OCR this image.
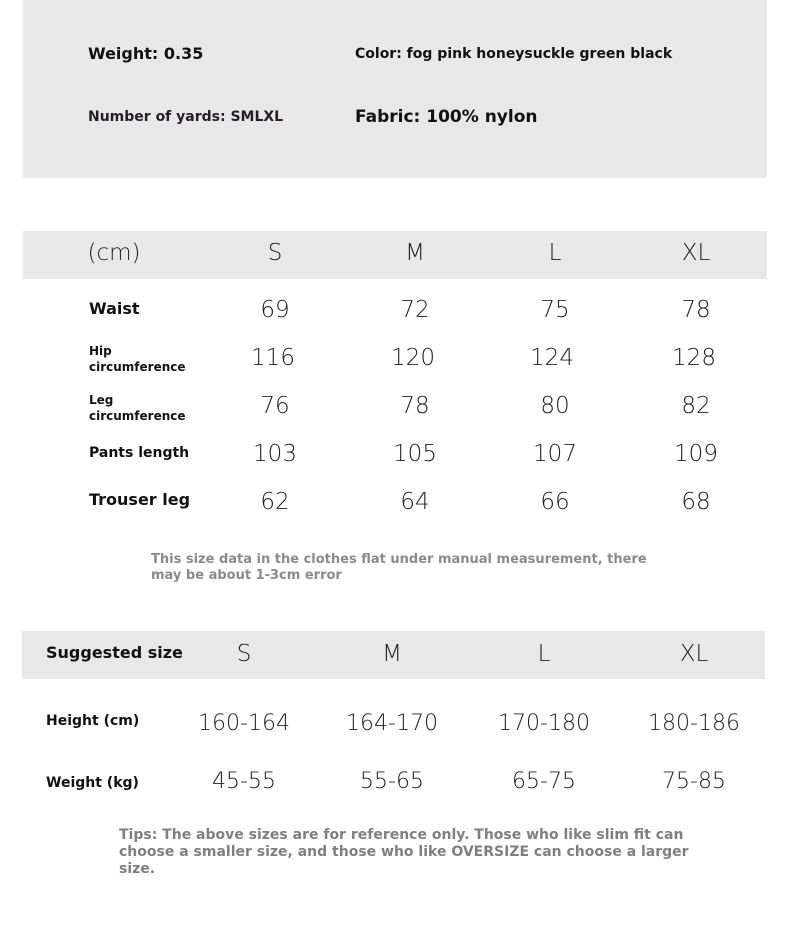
Weight: 0.35	Color: fog pink honeysuckle green black
Number of yards: SMLXL	Fabric: 100% nylon
(cm)	S	M	L	XL
Waist	69	72	75	78
Hip
circumference	116	120	124	128
Leg
circumference	76	78	80	82
Pants length	103	105	107	109
Trouser leg	62	64	66	68
This size data in the clothes flat under manual measurement, there may be about 1-3cm error
Suggested size	S	M	L	XL
Height (cm)	160-164	164-170	170-180	180-186
Weight (kg)	45-55	55-65	65-75	75-85
Tips: The above sizes are for reference only. Those who like slim fit can choose a smaller size, and those who like OVERSIZE can choose a larger size.
